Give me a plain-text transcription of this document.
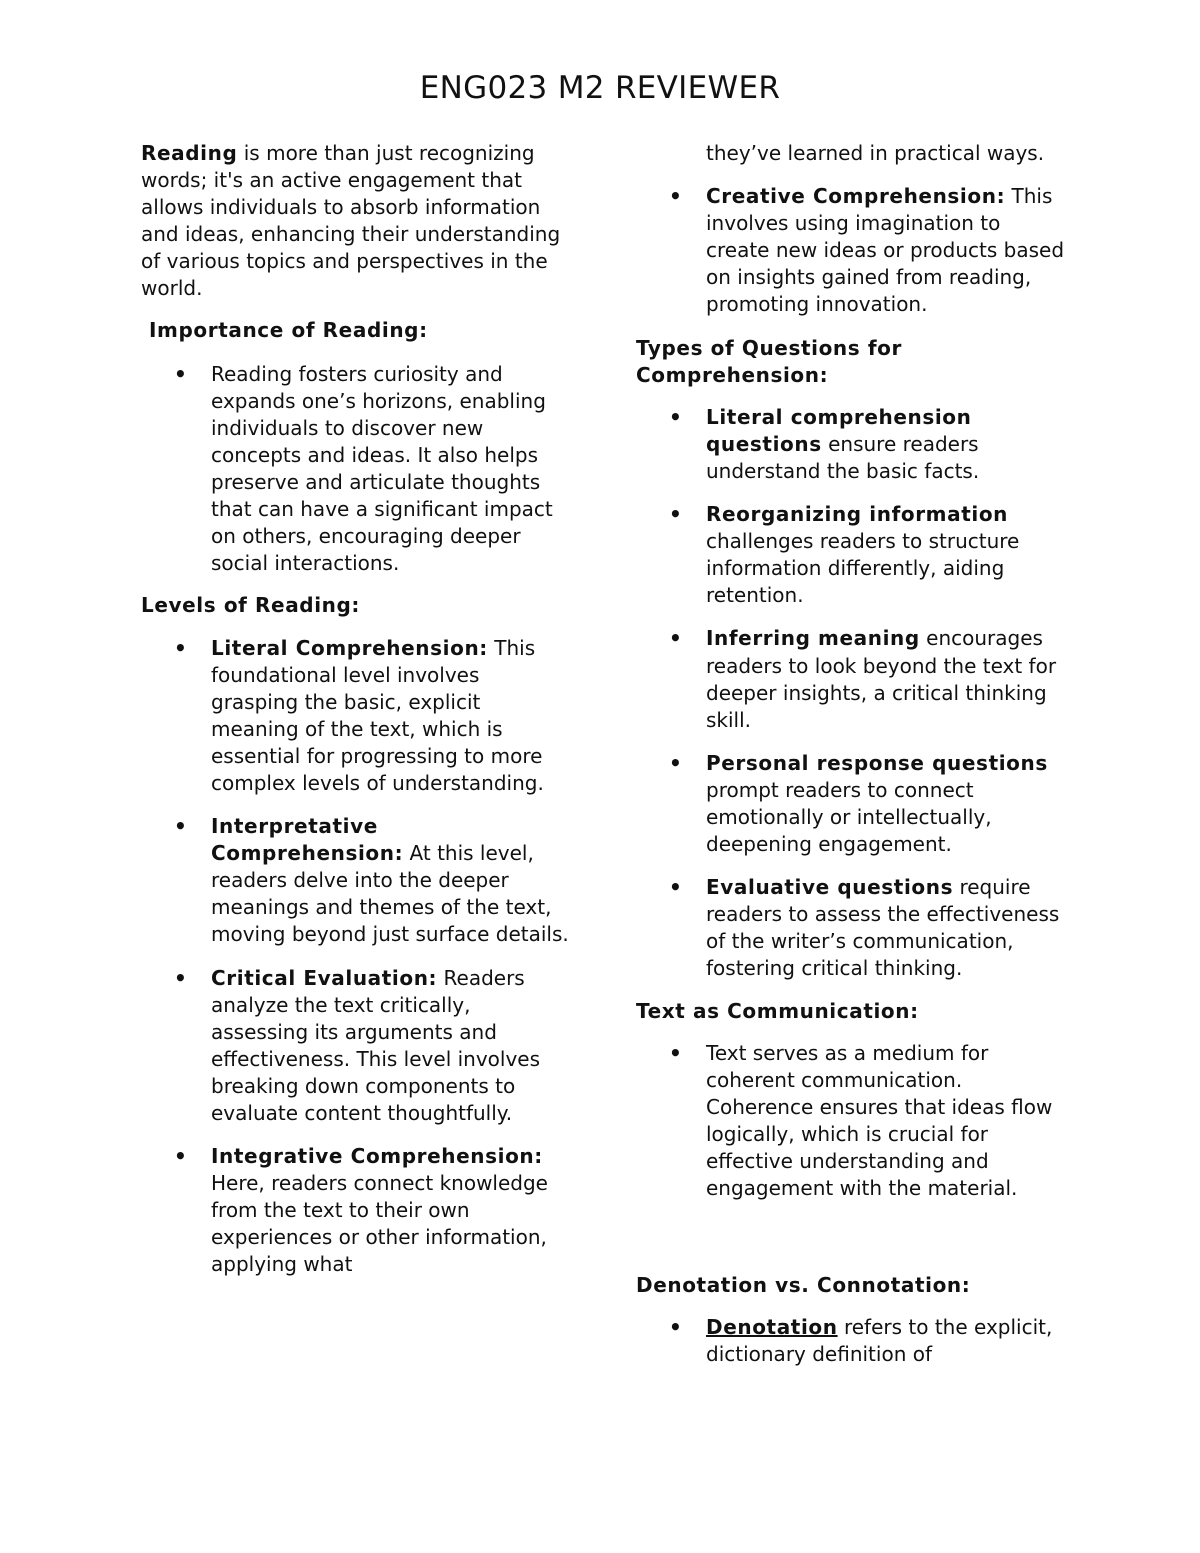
ENG023 M2 REVIEWER

Reading is more than just recognizing words; it's an active engagement that allows individuals to absorb information and ideas, enhancing their understanding of various topics and perspectives in the world.

Importance of Reading:

• Reading fosters curiosity and expands one’s horizons, enabling individuals to discover new concepts and ideas. It also helps preserve and articulate thoughts that can have a significant impact on others, encouraging deeper social interactions.

Levels of Reading:

• Literal Comprehension: This foundational level involves grasping the basic, explicit meaning of the text, which is essential for progressing to more complex levels of understanding.
• Interpretative Comprehension: At this level, readers delve into the deeper meanings and themes of the text, moving beyond just surface details.
• Critical Evaluation: Readers analyze the text critically, assessing its arguments and effectiveness. This level involves breaking down components to evaluate content thoughtfully.
• Integrative Comprehension: Here, readers connect knowledge from the text to their own experiences or other information, applying what

they’ve learned in practical ways.

• Creative Comprehension: This involves using imagination to create new ideas or products based on insights gained from reading, promoting innovation.

Types of Questions for Comprehension:

• Literal comprehension questions ensure readers understand the basic facts.
• Reorganizing information challenges readers to structure information differently, aiding retention.
• Inferring meaning encourages readers to look beyond the text for deeper insights, a critical thinking skill.
• Personal response questions prompt readers to connect emotionally or intellectually, deepening engagement.
• Evaluative questions require readers to assess the effectiveness of the writer’s communication, fostering critical thinking.

Text as Communication:

• Text serves as a medium for coherent communication. Coherence ensures that ideas flow logically, which is crucial for effective understanding and engagement with the material.

Denotation vs. Connotation:

• Denotation refers to the explicit, dictionary definition of
